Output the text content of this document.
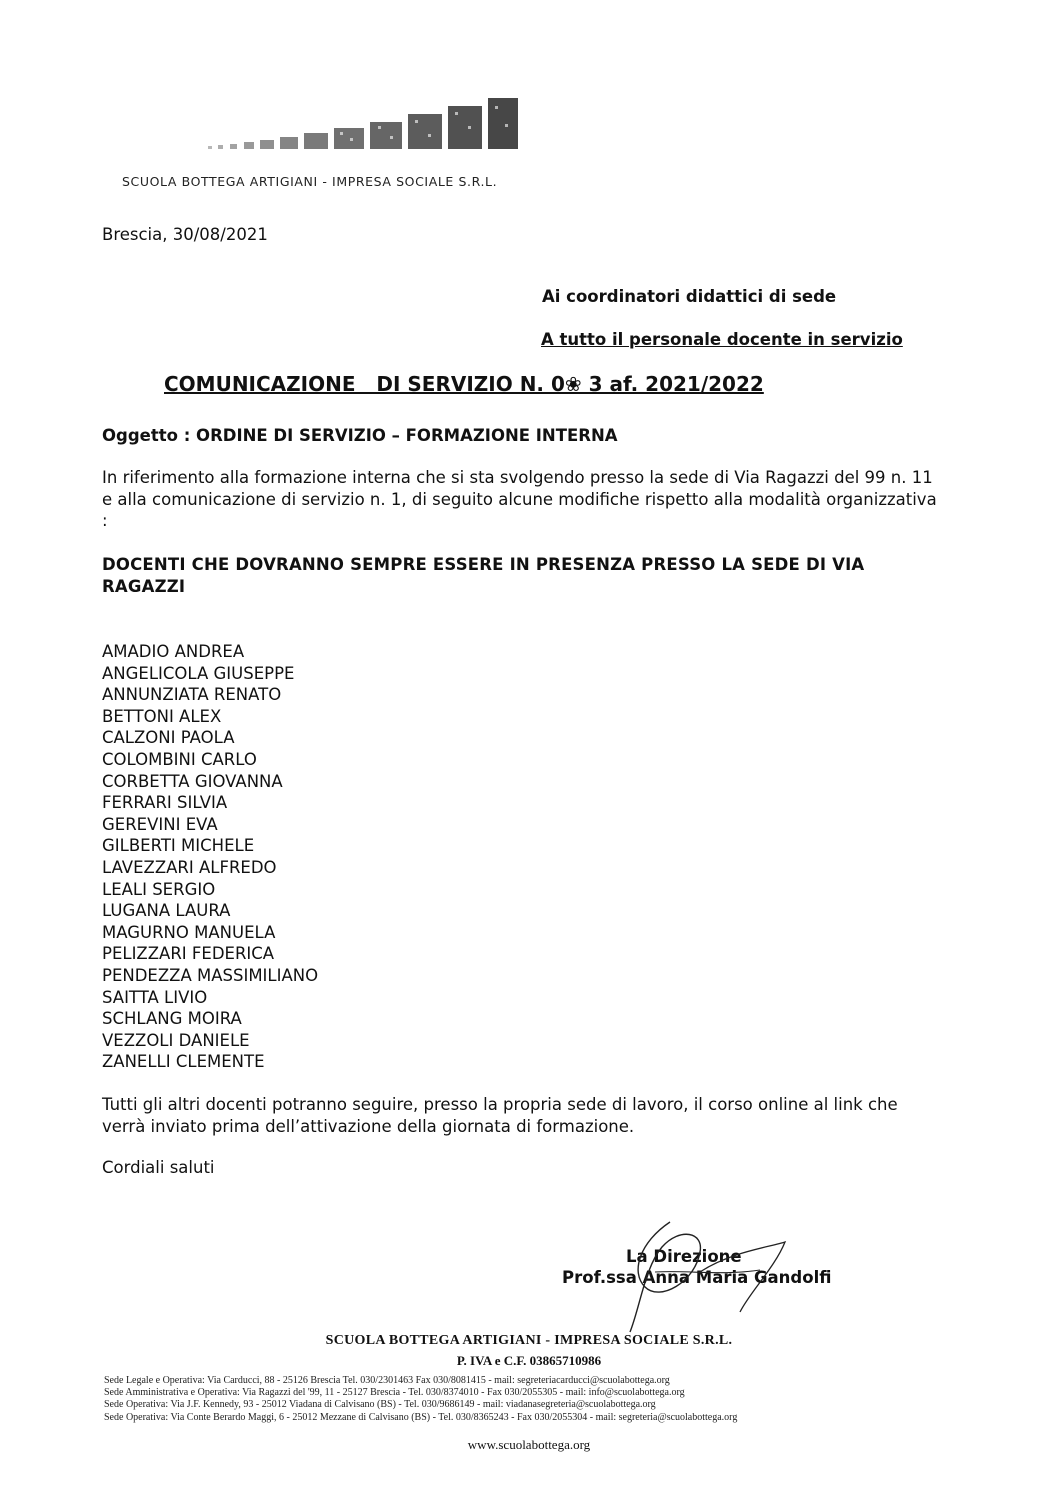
SCUOLA BOTTEGA ARTIGIANI - IMPRESA SOCIALE S.R.L.
Brescia, 30/08/2021
Ai coordinatori didattici di sede
A tutto il personale docente in servizio
COMUNICAZIONE   DI SERVIZIO N. 0❀ 3 af. 2021/2022
Oggetto : ORDINE DI SERVIZIO – FORMAZIONE INTERNA
In riferimento alla formazione interna che si sta svolgendo presso la sede di Via Ragazzi del 99 n. 11 e alla comunicazione di servizio n. 1, di seguito alcune modifiche rispetto alla modalità organizzativa :
DOCENTI CHE DOVRANNO SEMPRE ESSERE IN PRESENZA PRESSO LA SEDE DI VIA RAGAZZI
AMADIO ANDREA
ANGELICOLA GIUSEPPE
ANNUNZIATA RENATO
BETTONI ALEX
CALZONI PAOLA
COLOMBINI CARLO
CORBETTA GIOVANNA
FERRARI SILVIA
GEREVINI EVA
GILBERTI MICHELE
LAVEZZARI ALFREDO
LEALI SERGIO
LUGANA LAURA
MAGURNO MANUELA
PELIZZARI FEDERICA
PENDEZZA MASSIMILIANO
SAITTA LIVIO
SCHLANG MOIRA
VEZZOLI DANIELE
ZANELLI CLEMENTE
Tutti gli altri docenti potranno seguire, presso la propria sede di lavoro, il corso online al link che verrà inviato prima dell’attivazione della giornata di formazione.
Cordiali saluti
La Direzione
Prof.ssa Anna Maria Gandolfi
SCUOLA BOTTEGA ARTIGIANI - IMPRESA SOCIALE S.R.L.
P. IVA e C.F. 03865710986
Sede Legale e Operativa: Via Carducci, 88 - 25126 Brescia Tel. 030/2301463 Fax 030/8081415 - mail: segreteriacarducci@scuolabottega.org
Sede Amministrativa e Operativa: Via Ragazzi del '99, 11 - 25127 Brescia - Tel. 030/8374010 - Fax 030/2055305 - mail: info@scuolabottega.org
Sede Operativa: Via J.F. Kennedy, 93 - 25012 Viadana di Calvisano (BS) - Tel. 030/9686149 - mail: viadanasegreteria@scuolabottega.org
Sede Operativa: Via Conte Berardo Maggi, 6 - 25012 Mezzane di Calvisano (BS) - Tel. 030/8365243 - Fax 030/2055304 - mail: segreteria@scuolabottega.org
www.scuolabottega.org
